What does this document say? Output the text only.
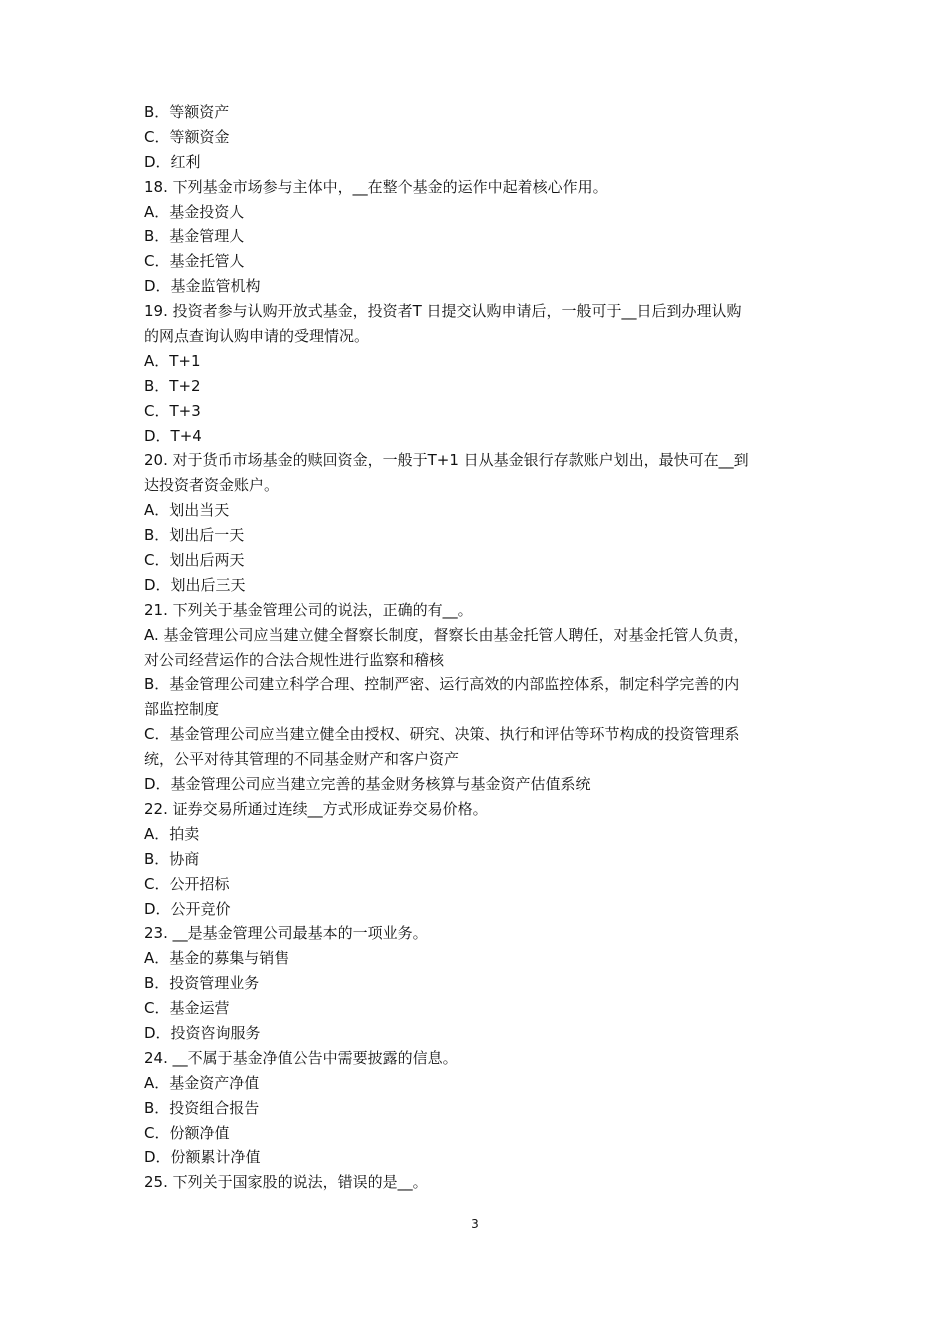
B．等额资产
C．等额资金
D．红利
18. 下列基金市场参与主体中，__在整个基金的运作中起着核心作用。
A．基金投资人
B．基金管理人
C．基金托管人
D．基金监管机构
19. 投资者参与认购开放式基金，投资者T 日提交认购申请后，一般可于__日后到办理认购
的网点查询认购申请的受理情况。
A．T+1
B．T+2
C．T+3
D．T+4
20. 对于货币市场基金的赎回资金，一般于T+1 日从基金银行存款账户划出，最快可在__到
达投资者资金账户。
A．划出当天
B．划出后一天
C．划出后两天
D．划出后三天
21. 下列关于基金管理公司的说法，正确的有__。
A. 基金管理公司应当建立健全督察长制度，督察长由基金托管人聘任，对基金托管人负责，
对公司经营运作的合法合规性进行监察和稽核
B．基金管理公司建立科学合理、控制严密、运行高效的内部监控体系，制定科学完善的内
部监控制度
C．基金管理公司应当建立健全由授权、研究、决策、执行和评估等环节构成的投资管理系
统，公平对待其管理的不同基金财产和客户资产
D．基金管理公司应当建立完善的基金财务核算与基金资产估值系统
22. 证券交易所通过连续__方式形成证券交易价格。
A．拍卖
B．协商
C．公开招标
D．公开竞价
23. __是基金管理公司最基本的一项业务。
A．基金的募集与销售
B．投资管理业务
C．基金运营
D．投资咨询服务
24. __不属于基金净值公告中需要披露的信息。
A．基金资产净值
B．投资组合报告
C．份额净值
D．份额累计净值
25. 下列关于国家股的说法，错误的是__。
3
